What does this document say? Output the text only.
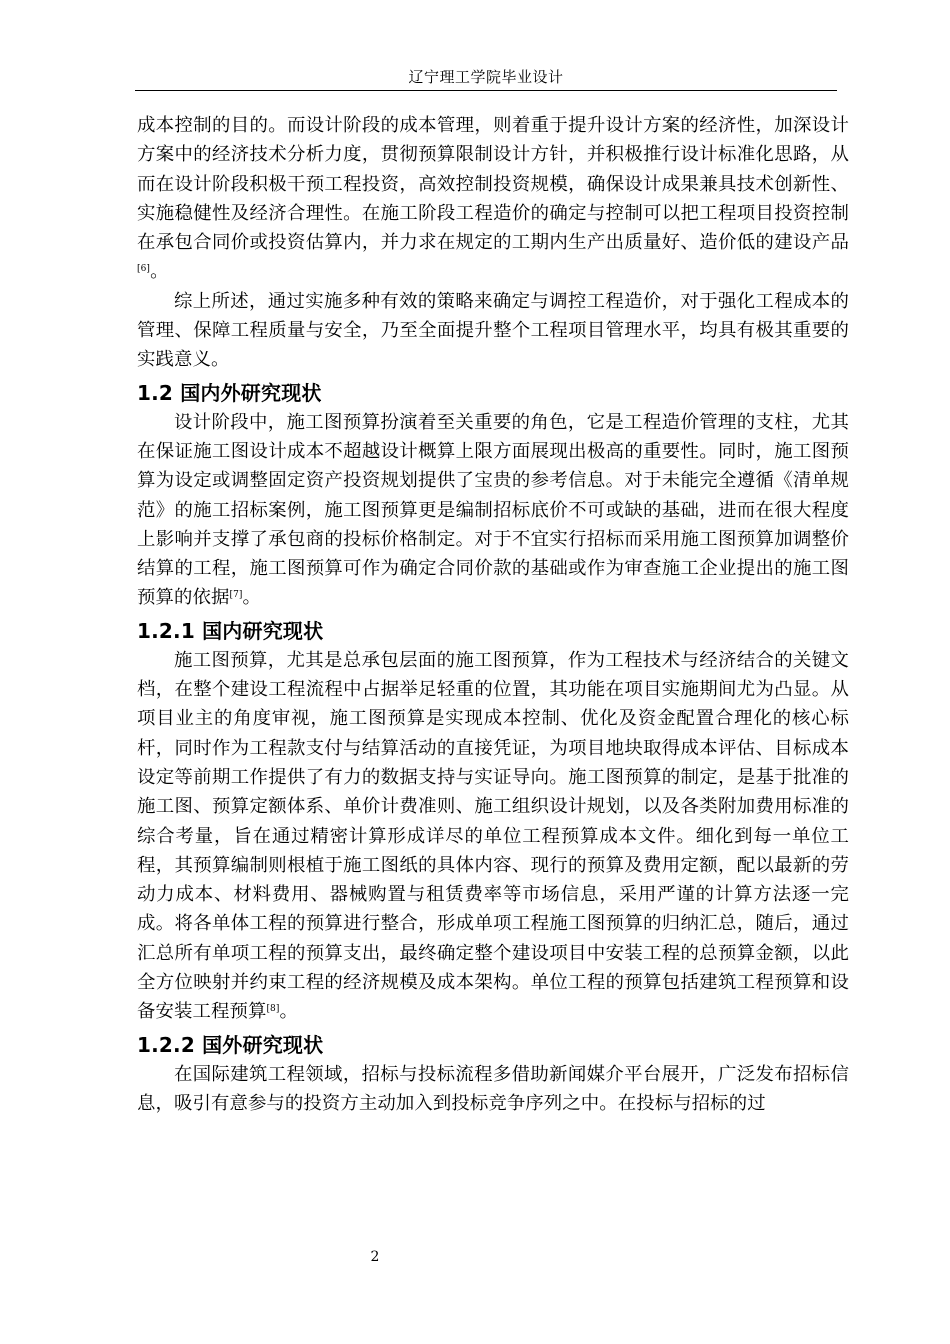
辽宁理工学院毕业设计

成本控制的目的。而设计阶段的成本管理，则着重于提升设计方案的经济性，加深设计方案中的经济技术分析力度，贯彻预算限制设计方针，并积极推行设计标准化思路，从而在设计阶段积极干预工程投资，高效控制投资规模，确保设计成果兼具技术创新性、实施稳健性及经济合理性。在施工阶段工程造价的确定与控制可以把工程项目投资控制在承包合同价或投资估算内，并力求在规定的工期内生产出质量好、造价低的建设产品[6]。

综上所述，通过实施多种有效的策略来确定与调控工程造价，对于强化工程成本的管理、保障工程质量与安全，乃至全面提升整个工程项目管理水平，均具有极其重要的实践意义。

1.2 国内外研究现状

设计阶段中，施工图预算扮演着至关重要的角色，它是工程造价管理的支柱，尤其在保证施工图设计成本不超越设计概算上限方面展现出极高的重要性。同时，施工图预算为设定或调整固定资产投资规划提供了宝贵的参考信息。对于未能完全遵循《清单规范》的施工招标案例，施工图预算更是编制招标底价不可或缺的基础，进而在很大程度上影响并支撑了承包商的投标价格制定。对于不宜实行招标而采用施工图预算加调整价结算的工程，施工图预算可作为确定合同价款的基础或作为审查施工企业提出的施工图预算的依据[7]。

1.2.1 国内研究现状

施工图预算，尤其是总承包层面的施工图预算，作为工程技术与经济结合的关键文档，在整个建设工程流程中占据举足轻重的位置，其功能在项目实施期间尤为凸显。从项目业主的角度审视，施工图预算是实现成本控制、优化及资金配置合理化的核心标杆，同时作为工程款支付与结算活动的直接凭证，为项目地块取得成本评估、目标成本设定等前期工作提供了有力的数据支持与实证导向。施工图预算的制定，是基于批准的施工图、预算定额体系、单价计费准则、施工组织设计规划，以及各类附加费用标准的综合考量，旨在通过精密计算形成详尽的单位工程预算成本文件。细化到每一单位工程，其预算编制则根植于施工图纸的具体内容、现行的预算及费用定额，配以最新的劳动力成本、材料费用、器械购置与租赁费率等市场信息，采用严谨的计算方法逐一完成。将各单体工程的预算进行整合，形成单项工程施工图预算的归纳汇总，随后，通过汇总所有单项工程的预算支出，最终确定整个建设项目中安装工程的总预算金额，以此全方位映射并约束工程的经济规模及成本架构。单位工程的预算包括建筑工程预算和设备安装工程预算[8]。

1.2.2 国外研究现状

在国际建筑工程领域，招标与投标流程多借助新闻媒介平台展开，广泛发布招标信息，吸引有意参与的投资方主动加入到投标竞争序列之中。在投标与招标的过

2
